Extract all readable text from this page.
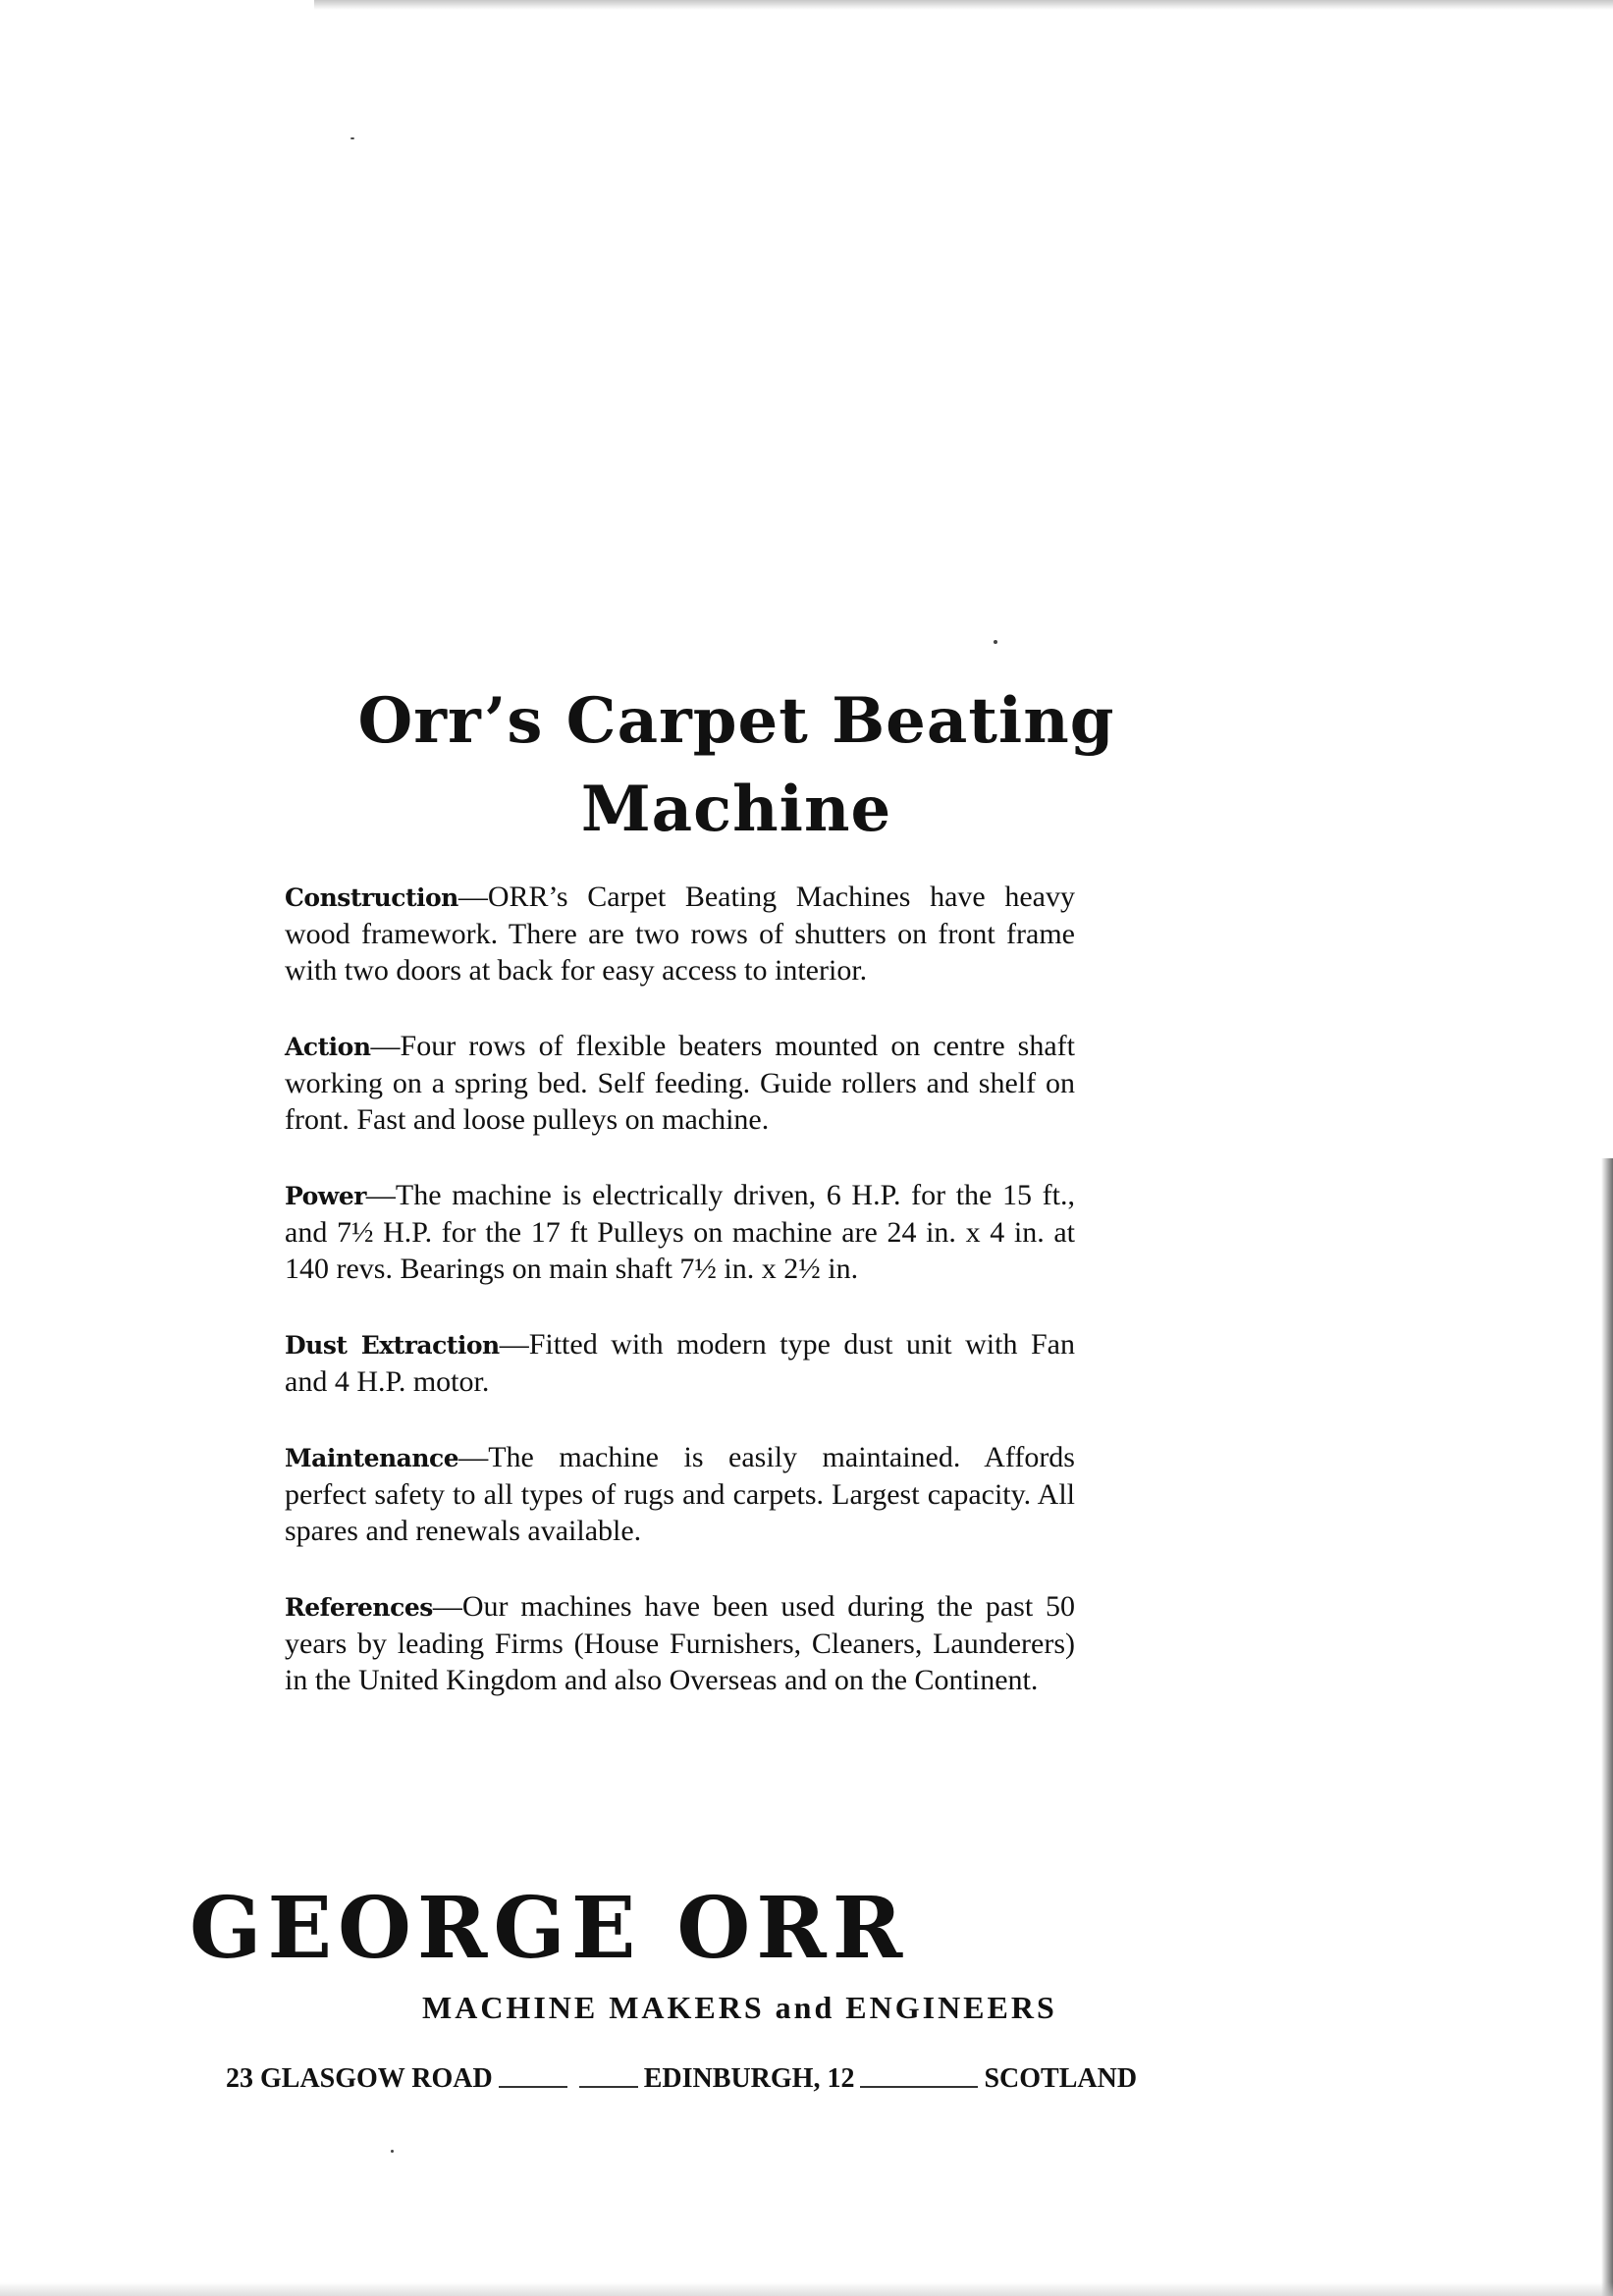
Orr’s Carpet Beating
Machine

Construction—ORR’s Carpet Beating Machines have heavy wood framework. There are two rows of shutters on front frame with two doors at back for easy access to interior.

Action—Four rows of flexible beaters mounted on centre shaft working on a spring bed. Self feeding. Guide rollers and shelf on front. Fast and loose pulleys on machine.

Power—The machine is electrically driven, 6 H.P. for the 15 ft., and 7½ H.P. for the 17 ft Pulleys on machine are 24 in. x 4 in. at 140 revs. Bearings on main shaft 7½ in. x 2½ in.

Dust Extraction—Fitted with modern type dust unit with Fan and 4 H.P. motor.

Maintenance—The machine is easily maintained. Affords perfect safety to all types of rugs and carpets. Largest capacity. All spares and renewals available.

References—Our machines have been used during the past 50 years by leading Firms (House Furnishers, Cleaners, Launderers) in the United Kingdom and also Overseas and on the Continent.

GEORGE ORR

MACHINE MAKERS and ENGINEERS

23 GLASGOW ROAD	EDINBURGH, 12	SCOTLAND
